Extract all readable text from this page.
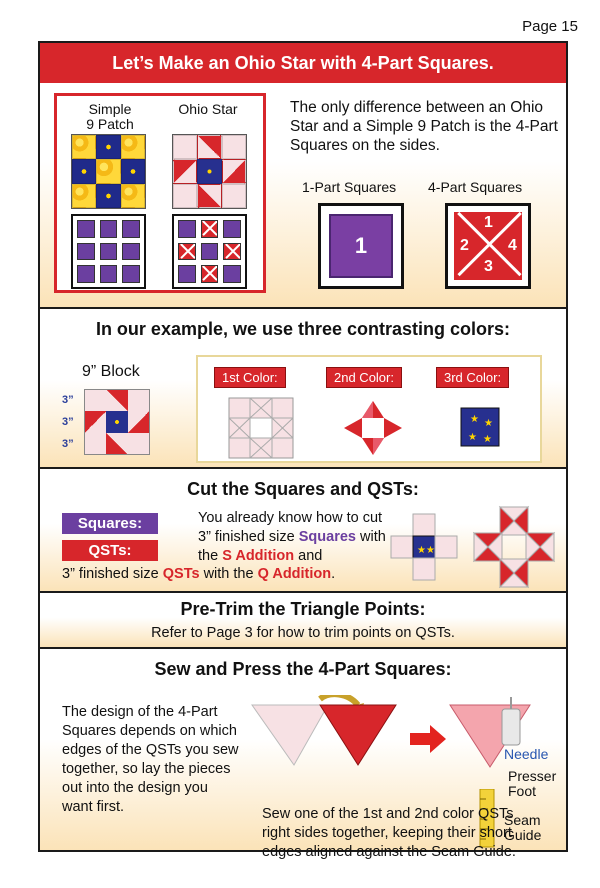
Page 15
Let’s Make an Ohio Star with 4-Part Squares.
Simple
9 Patch
Ohio Star	The only difference between an Ohio Star and a Simple 9 Patch is the 4-Part Squares on the sides.
1-Part Squares 4-Part Squares
1
1
2 4
3
In our example, we use three contrasting colors:
9” Block
3”
3”
3”
1st Color:	2nd Color:	3rd Color:
★ ★
★ ★
Cut the Squares and QSTs:
Squares:
QSTs:
You already know how to cut 3” finished size Squares with the S Addition and
3” finished size QSTs with the Q Addition.
★★
Pre-Trim the Triangle Points:
Refer to Page 3 for how to trim points on QSTs.
Sew and Press the 4-Part Squares:
The design of the 4-Part Squares depends on which edges of the QSTs you sew together, so lay the pieces out into the design you want first.
Needle
Presser
Foot
Seam
Guide
Sew one of the 1st and 2nd color QSTs right sides together, keeping their short edges aligned against the Seam Guide.
